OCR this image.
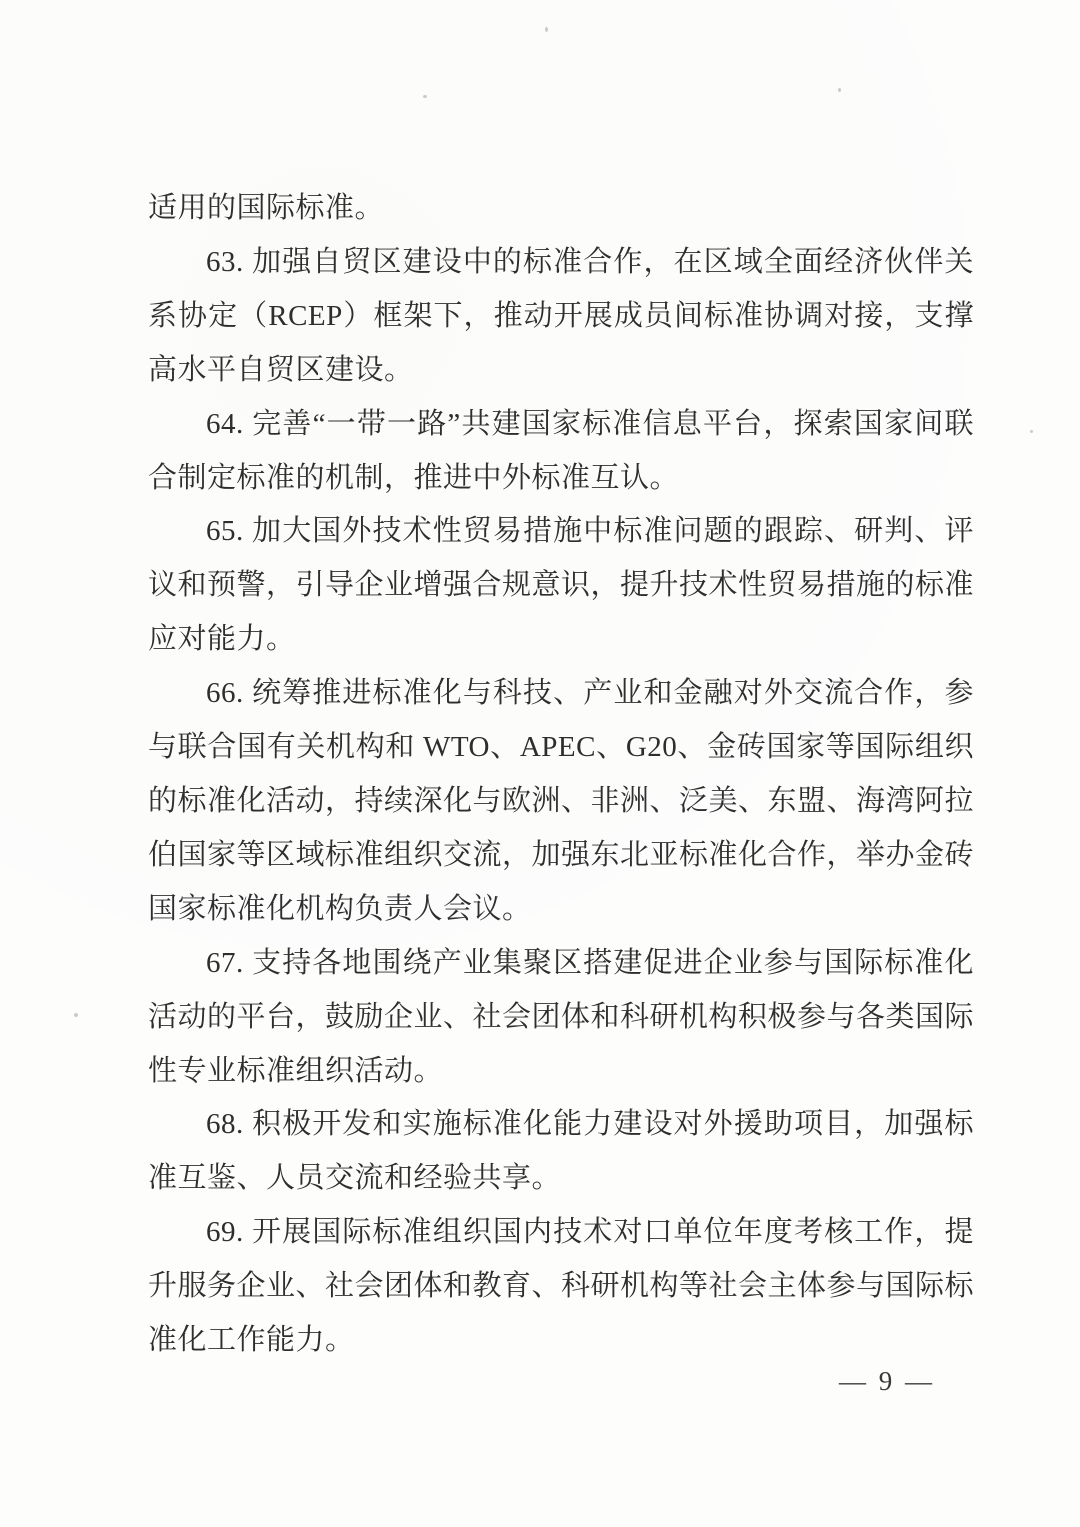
适用的国际标准。

63. 加强自贸区建设中的标准合作，在区域全面经济伙伴关系协定（RCEP）框架下，推动开展成员间标准协调对接，支撑高水平自贸区建设。

64. 完善“一带一路”共建国家标准信息平台，探索国家间联合制定标准的机制，推进中外标准互认。

65. 加大国外技术性贸易措施中标准问题的跟踪、研判、评议和预警，引导企业增强合规意识，提升技术性贸易措施的标准应对能力。

66. 统筹推进标准化与科技、产业和金融对外交流合作，参与联合国有关机构和 WTO、APEC、G20、金砖国家等国际组织的标准化活动，持续深化与欧洲、非洲、泛美、东盟、海湾阿拉伯国家等区域标准组织交流，加强东北亚标准化合作，举办金砖国家标准化机构负责人会议。

67. 支持各地围绕产业集聚区搭建促进企业参与国际标准化活动的平台，鼓励企业、社会团体和科研机构积极参与各类国际性专业标准组织活动。

68. 积极开发和实施标准化能力建设对外援助项目，加强标准互鉴、人员交流和经验共享。

69. 开展国际标准组织国内技术对口单位年度考核工作，提升服务企业、社会团体和教育、科研机构等社会主体参与国际标准化工作能力。

— 9 —
